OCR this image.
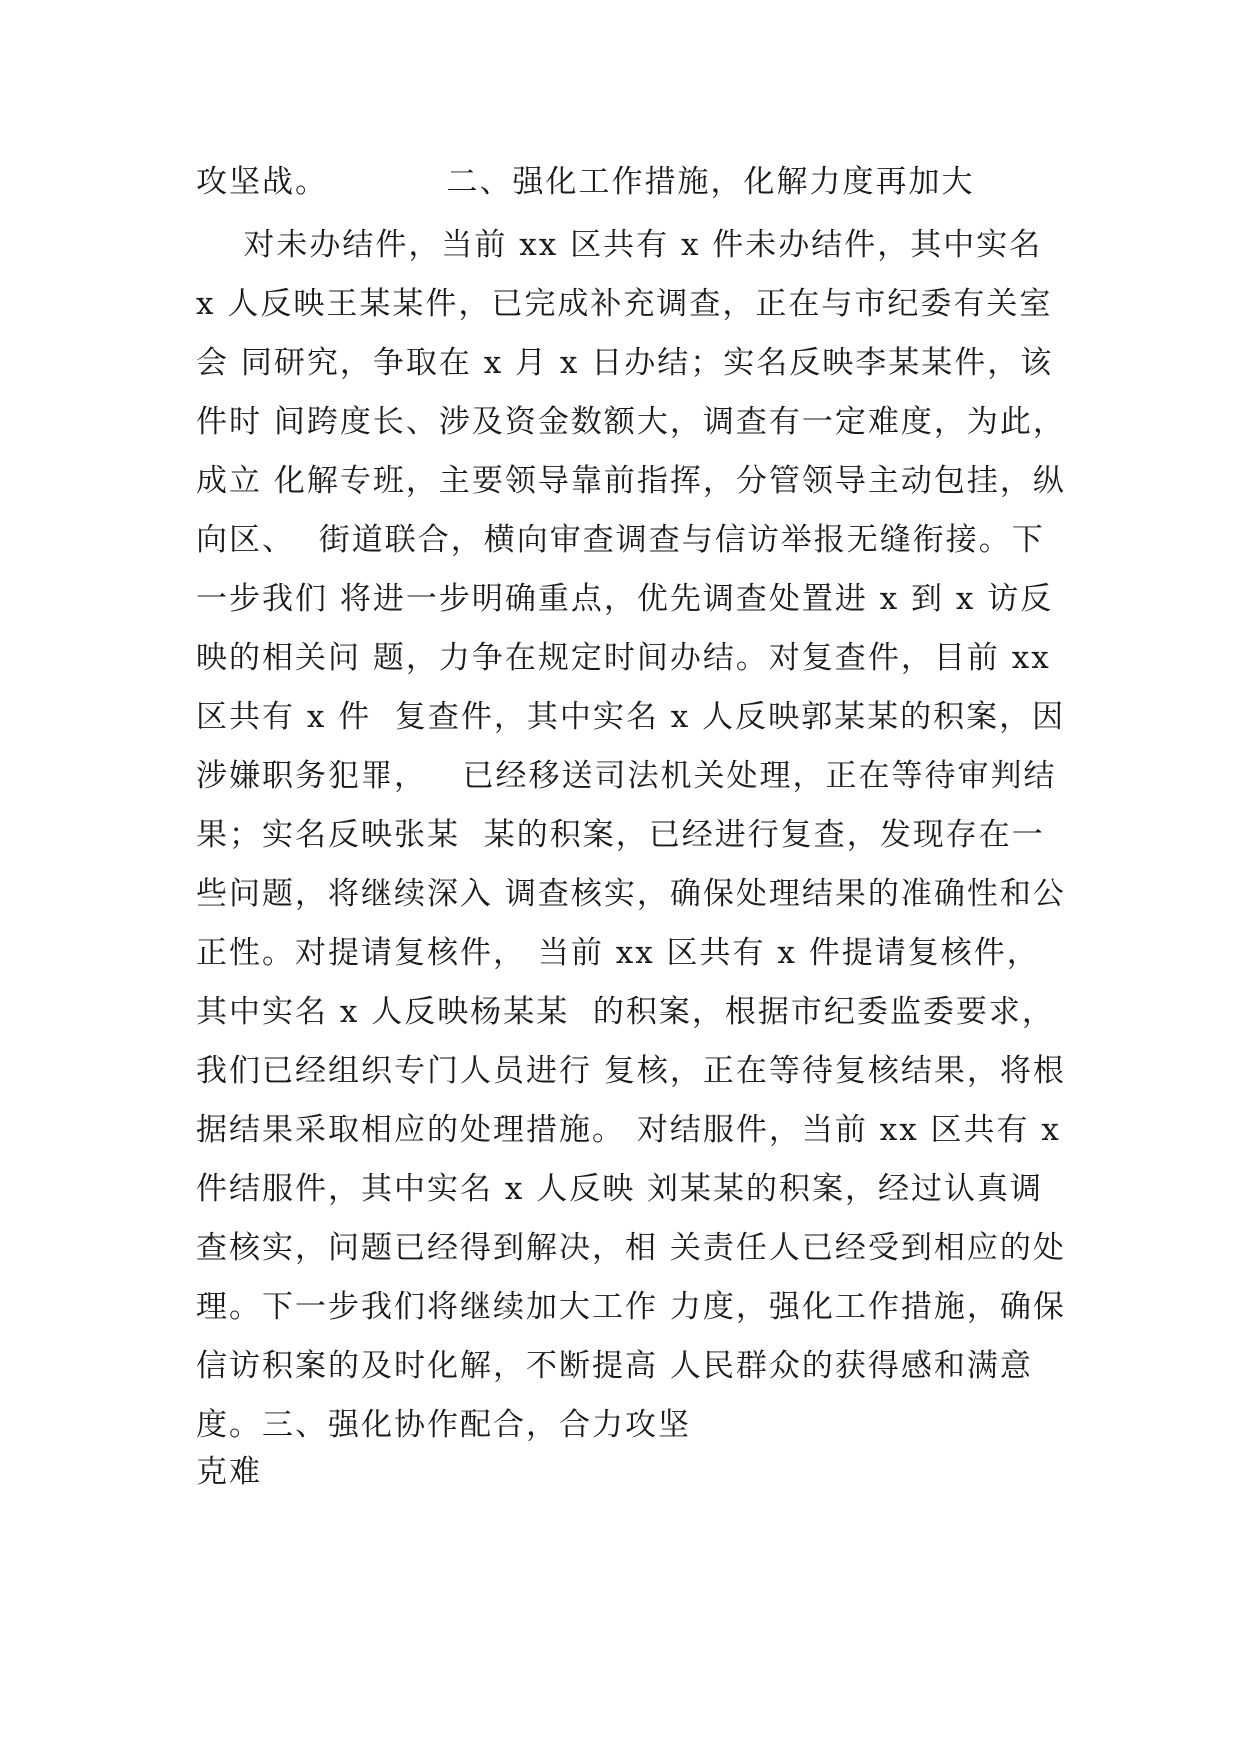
攻坚战。          二、强化工作措施，化解力度再加大
对未办结件，当前 xx 区共有 x 件未办结件，其中实名
x 人反映王某某件，已完成补充调查，正在与市纪委有关室
会 同研究，争取在 x 月 x 日办结；实名反映李某某件，该
件时 间跨度长、涉及资金数额大，调查有一定难度，为此，
成立 化解专班，主要领导靠前指挥，分管领导主动包挂，纵
向区、  街道联合，横向审查调查与信访举报无缝衔接。下
一步我们 将进一步明确重点，优先调查处置进 x 到 x 访反
映的相关问 题，力争在规定时间办结。对复查件，目前 xx
区共有 x 件  复查件，其中实名 x 人反映郭某某的积案，因
涉嫌职务犯罪，   已经移送司法机关处理，正在等待审判结
果；实名反映张某  某的积案，已经进行复查，发现存在一
些问题，将继续深入 调查核实，确保处理结果的准确性和公
正性。对提请复核件， 当前 xx 区共有 x 件提请复核件，
其中实名 x 人反映杨某某  的积案，根据市纪委监委要求，
我们已经组织专门人员进行 复核，正在等待复核结果，将根
据结果采取相应的处理措施。 对结服件，当前 xx 区共有 x
件结服件，其中实名 x 人反映 刘某某的积案，经过认真调
查核实，问题已经得到解决，相 关责任人已经受到相应的处
理。下一步我们将继续加大工作 力度，强化工作措施，确保
信访积案的及时化解，不断提高 人民群众的获得感和满意
度。三、强化协作配合，合力攻坚
克难
